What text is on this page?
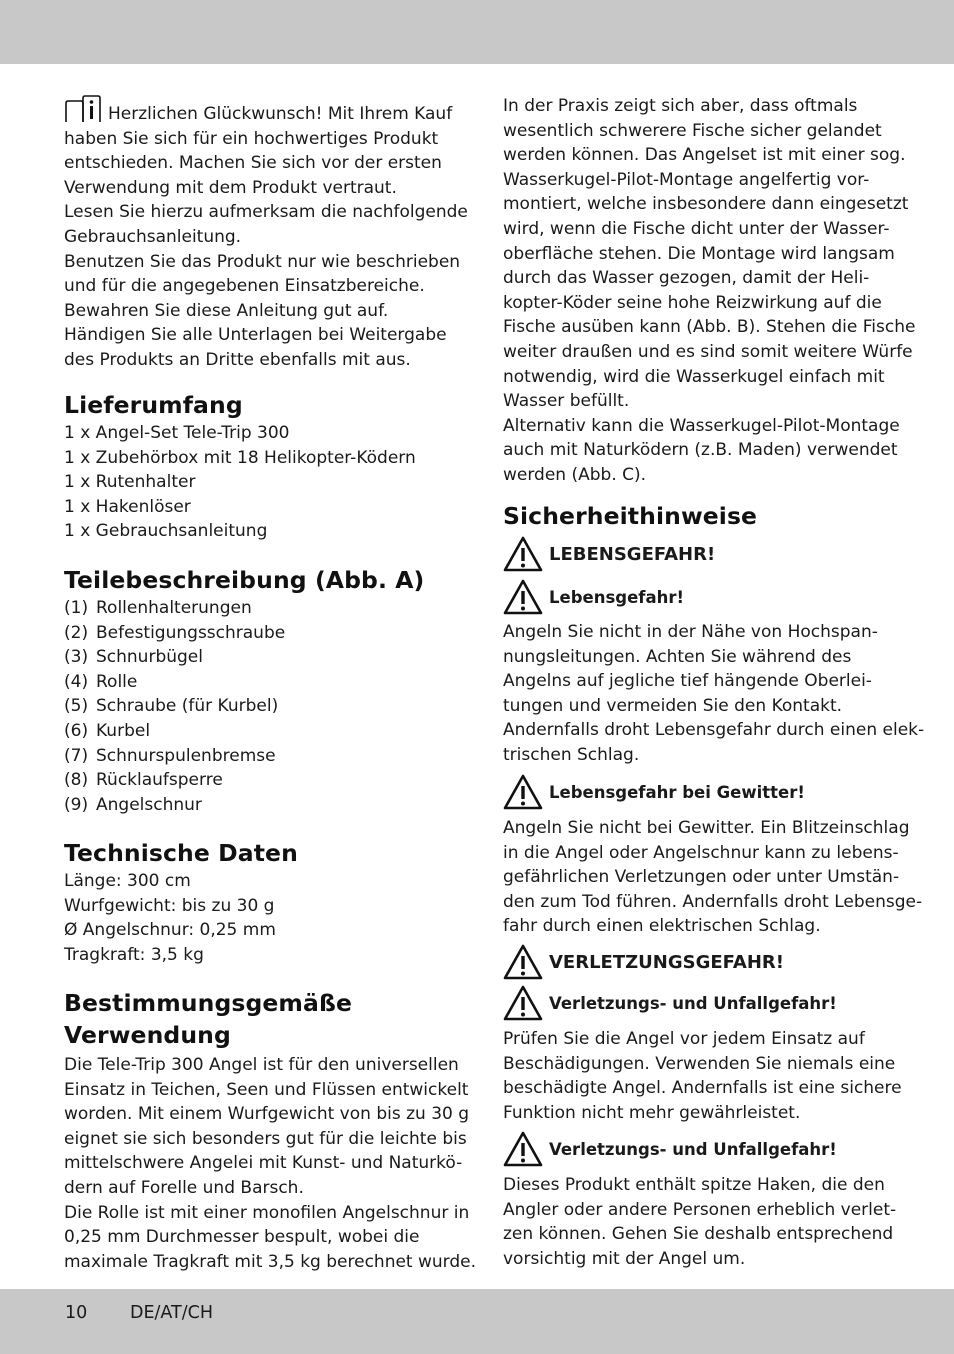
Herzlichen Glückwunsch! Mit Ihrem Kauf

haben Sie sich für ein hochwertiges Produkt

entschieden. Machen Sie sich vor der ersten

Verwendung mit dem Produkt vertraut.

Lesen Sie hierzu aufmerksam die nachfolgende

Gebrauchsanleitung.

Benutzen Sie das Produkt nur wie beschrieben

und für die angegebenen Einsatzbereiche.

Bewahren Sie diese Anleitung gut auf.

Händigen Sie alle Unterlagen bei Weitergabe

des Produkts an Dritte ebenfalls mit aus.

Lieferumfang

1 x Angel-Set Tele-Trip 300

1 x Zubehörbox mit 18 Helikopter-Ködern

1 x Rutenhalter

1 x Hakenlöser

1 x Gebrauchsanleitung

Teilebeschreibung (Abb. A)

(1) Rollenhalterungen

(2) Befestigungsschraube

(3) Schnurbügel

(4) Rolle

(5) Schraube (für Kurbel)

(6) Kurbel

(7) Schnurspulenbremse

(8) Rücklaufsperre

(9) Angelschnur

Technische Daten

Länge: 300 cm

Wurfgewicht: bis zu 30 g

Ø Angelschnur: 0,25 mm

Tragkraft: 3,5 kg

Bestimmungsgemäße
Verwendung

Die Tele-Trip 300 Angel ist für den universellen

Einsatz in Teichen, Seen und Flüssen entwickelt

worden. Mit einem Wurfgewicht von bis zu 30 g

eignet sie sich besonders gut für die leichte bis

mittelschwere Angelei mit Kunst- und Naturkö-

dern auf Forelle und Barsch.

Die Rolle ist mit einer monofilen Angelschnur in

0,25 mm Durchmesser bespult, wobei die

maximale Tragkraft mit 3,5 kg berechnet wurde.

In der Praxis zeigt sich aber, dass oftmals

wesentlich schwerere Fische sicher gelandet

werden können. Das Angelset ist mit einer sog.

Wasserkugel-Pilot-Montage angelfertig vor-

montiert, welche insbesondere dann eingesetzt

wird, wenn die Fische dicht unter der Wasser-

oberfläche stehen. Die Montage wird langsam

durch das Wasser gezogen, damit der Heli-

kopter-Köder seine hohe Reizwirkung auf die

Fische ausüben kann (Abb. B). Stehen die Fische

weiter draußen und es sind somit weitere Würfe

notwendig, wird die Wasserkugel einfach mit

Wasser befüllt.

Alternativ kann die Wasserkugel-Pilot-Montage

auch mit Naturködern (z.B. Maden) verwendet

werden (Abb. C).

Sicherheithinweise
LEBENSGEFAHR!
Lebensgefahr!

Angeln Sie nicht in der Nähe von Hochspan-

nungsleitungen. Achten Sie während des

Angelns auf jegliche tief hängende Oberlei-

tungen und vermeiden Sie den Kontakt.

Andernfalls droht Lebensgefahr durch einen elek-

trischen Schlag.

Lebensgefahr bei Gewitter!

Angeln Sie nicht bei Gewitter. Ein Blitzeinschlag

in die Angel oder Angelschnur kann zu lebens-

gefährlichen Verletzungen oder unter Umstän-

den zum Tod führen. Andernfalls droht Lebensge-

fahr durch einen elektrischen Schlag.

VERLETZUNGSGEFAHR!
Verletzungs- und Unfallgefahr!

Prüfen Sie die Angel vor jedem Einsatz auf

Beschädigungen. Verwenden Sie niemals eine

beschädigte Angel. Andernfalls ist eine sichere

Funktion nicht mehr gewährleistet.

Verletzungs- und Unfallgefahr!

Dieses Produkt enthält spitze Haken, die den

Angler oder andere Personen erheblich verlet-

zen können. Gehen Sie deshalb entsprechend

vorsichtig mit der Angel um.

10 DE/AT/CH
